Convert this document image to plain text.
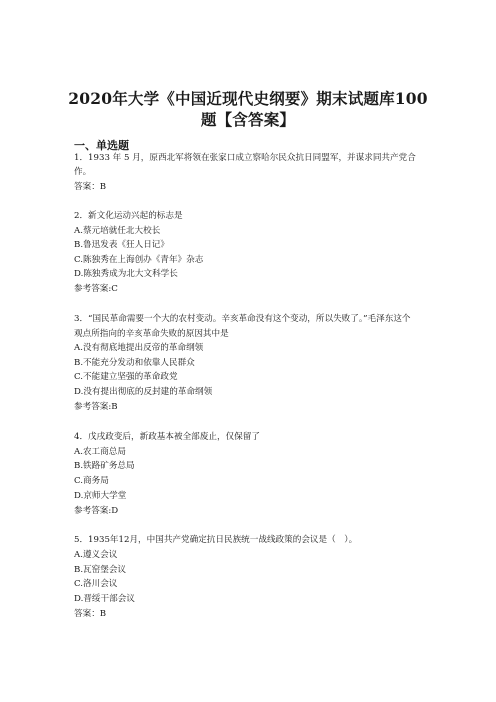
2020年大学《中国近现代史纲要》期末试题库100
题【含答案】
一、单选题
1．1933 年 5 月，原西北军将领在张家口成立察哈尔民众抗日同盟军，并谋求同共产党合
作。
答案：B
2．新文化运动兴起的标志是
A.蔡元培就任北大校长
B.鲁迅发表《狂人日记》
C.陈独秀在上海创办《青年》杂志
D.陈独秀成为北大文科学长
参考答案:C
3．“国民革命需要一个大的农村变动。辛亥革命没有这个变动，所以失败了。”毛泽东这个
观点所指向的辛亥革命失败的原因其中是
A.没有彻底地提出反帝的革命纲领
B.不能充分发动和依靠人民群众
C.不能建立坚强的革命政党
D.没有提出彻底的反封建的革命纲领
参考答案:B
4．戊戌政变后，新政基本被全部废止，仅保留了
A.农工商总局
B.铁路矿务总局
C.商务局
D.京师大学堂
参考答案:D
5．1935年12月，中国共产党确定抗日民族统一战线政策的会议是（　）。
A.遵义会议
B.瓦窑堡会议
C.洛川会议
D.晋绥干部会议
答案：B
